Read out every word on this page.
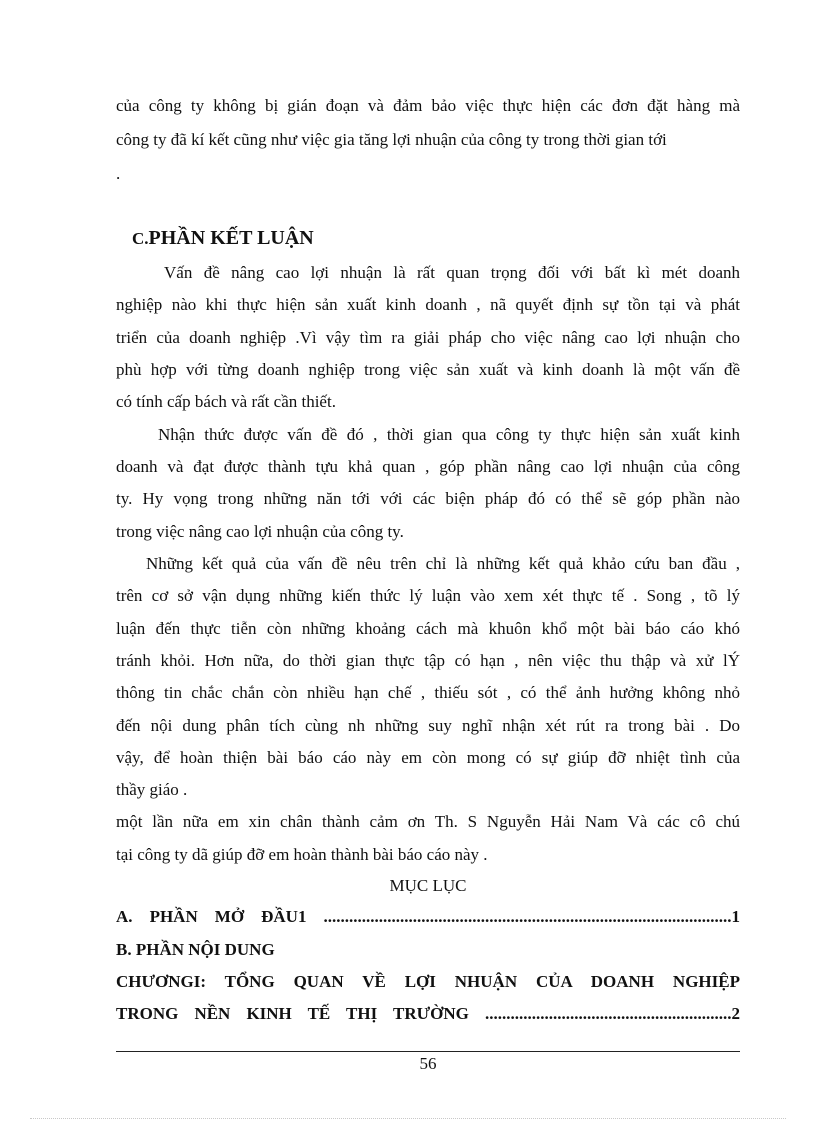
của công ty không bị gián đoạn và đảm bảo việc thực hiện các đơn đặt hàng mà
công ty đã kí kết cũng như việc gia tăng lợi nhuận của công ty trong thời gian tới
.
C.PHẦN KẾT LUẬN
Vấn đề nâng cao lợi nhuận là rất quan trọng đối với bất kì mét doanh
nghiệp nào khi thực hiện sản xuất kinh doanh , nã quyết định sự tồn tại và phát
triển của doanh nghiệp .Vì vậy tìm ra giải pháp cho việc nâng cao lợi nhuận cho
phù hợp với từng doanh nghiệp trong việc sản xuất và kinh doanh là một vấn đề
có tính cấp bách và rất cần thiết.
Nhận thức được vấn đề đó , thời gian qua công ty thực hiện sản xuất kinh
doanh và đạt được thành tựu khả quan , góp phần nâng cao lợi nhuận của công
ty. Hy vọng trong những năn tới với các biện pháp đó có thể sẽ góp phần nào
trong việc nâng cao lợi nhuận của công ty.
Những kết quả của vấn đề nêu trên chỉ là những kết quả khảo cứu ban đầu ,
trên cơ sở vận dụng những kiến thức lý luận vào xem xét thực tế . Song , tõ lý
luận đến thực tiễn còn những khoảng cách mà khuôn khổ một bài báo cáo khó
tránh khỏi. Hơn nữa, do thời gian thực tập có hạn , nên việc thu thập và xử lÝ
thông tin chắc chắn còn nhiều hạn chế , thiếu sót , có thể ảnh hưởng không nhỏ
đến nội dung phân tích cùng nh những suy nghĩ nhận xét rút ra trong bài . Do
vậy, để hoàn thiện bài báo cáo này em còn mong có sự giúp đỡ nhiệt tình của
thầy giáo .
một lần nữa em xin chân thành cảm ơn Th. S Nguyễn Hải Nam Và các cô chú
tại công ty dã giúp đỡ em hoàn thành bài báo cáo này .
MỤC LỤC
A. PHẦN MỞ ĐẦU1 ................................................................................................1
B. PHẦN NỘI DUNG
CHƯƠNGI: TỔNG QUAN VỀ LỢI NHUẬN CỦA DOANH NGHIỆP
TRONG NỀN KINH TẾ THỊ TRƯỜNG ..........................................................2
56
